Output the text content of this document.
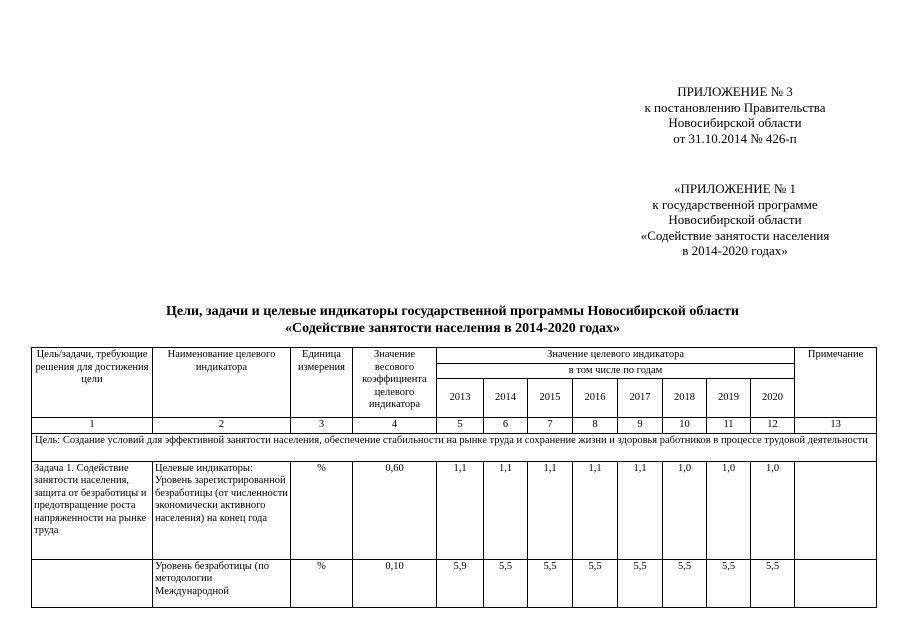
ПРИЛОЖЕНИЕ № 3
к постановлению Правительства
Новосибирской области
от 31.10.2014 № 426-п
«ПРИЛОЖЕНИЕ № 1
к государственной программе
Новосибирской области
«Содействие занятости населения
в 2014-2020 годах»
Цели, задачи и целевые индикаторы государственной программы Новосибирской области
«Содействие занятости населения в 2014-2020 годах»
Цель/задачи, требующие решения для достижения цели	Наименование целевого индикатора	Единица измерения	Значение весового коэффициента целевого индикатора	Значение целевого индикатора								Примечание
				в том числе по годам								
				2013	2014	2015	2016	2017	2018	2019	2020	
1	2	3	4	5	6	7	8	9	10	11	12	13
Цель: Создание условий для эффективной занятости населения, обеспечение стабильности на рынке труда и сохранение жизни и здоровья работников в процессе трудовой деятельности												
Задача 1. Содействие занятости населения, защита от безработицы и предотвращение роста напряженности на рынке труда	Целевые индикаторы: Уровень зарегистрированной безработицы (от численности экономически активного населения) на конец года	%	0,60	1,1	1,1	1,1	1,1	1,1	1,0	1,0	1,0	
	Уровень безработицы (по методологии Международной	%	0,10	5,9	5,5	5,5	5,5	5,5	5,5	5,5	5,5	
